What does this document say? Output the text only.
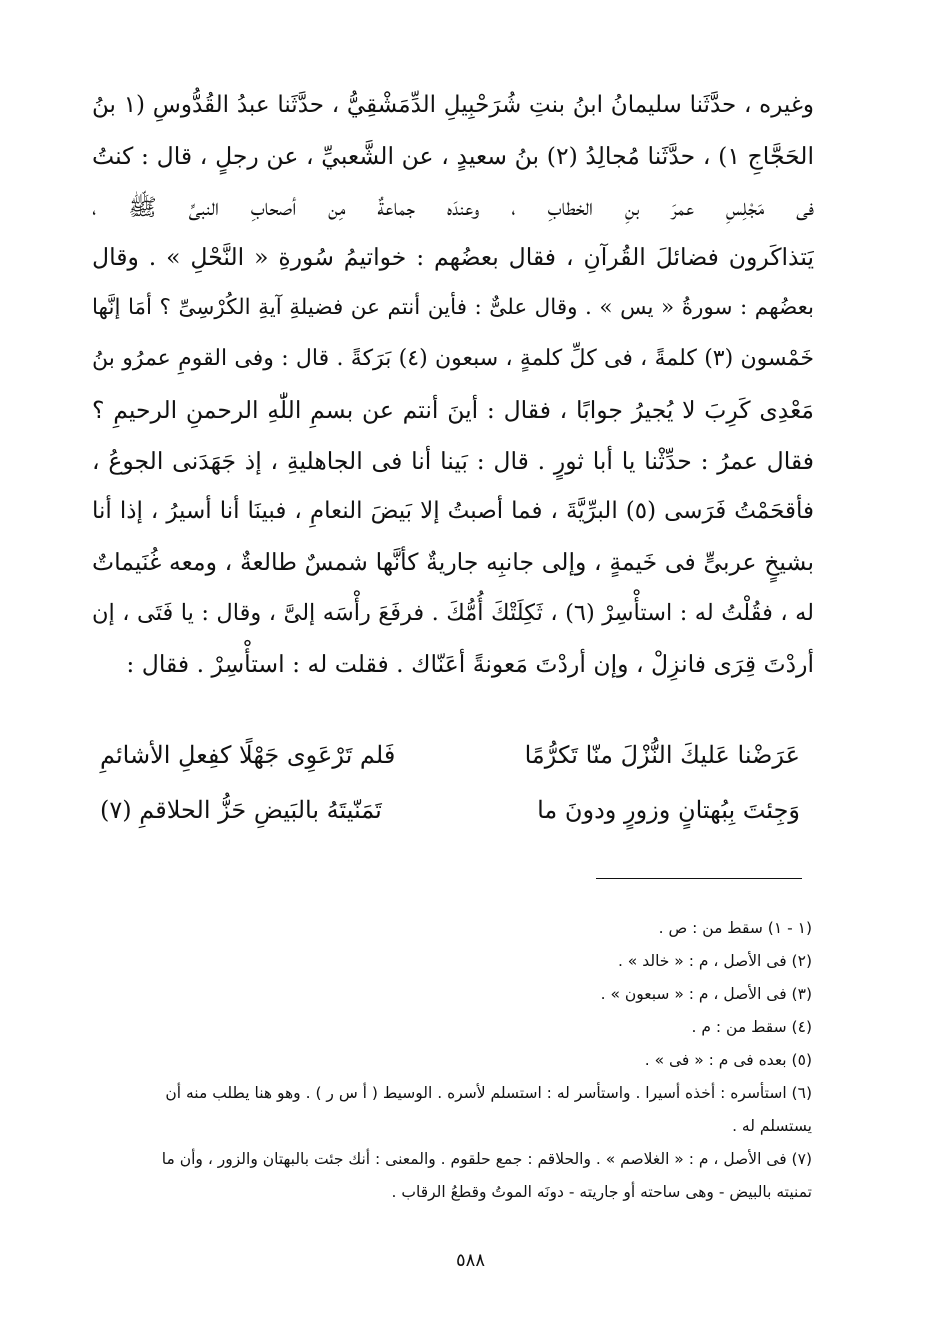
وغيره ، حدَّثَنا سليمانُ ابنُ بنتِ شُرَحْبِيلِ الدِّمَشْقِيُّ ، حدَّثَنا عبدُ القُدُّوسِ (١ بنُ
الحَجَّاجِ ١) ، حدَّثَنا مُجالِدُ (٢) بنُ سعيدٍ ، عن الشَّعبيِّ ، عن رجلٍ ، قال : كنتُ
فى مَجْلِسِ عمرَ بنِ الخطابِ ، وعندَه جماعةٌ مِن أصحابِ النبىِّ ﷺ ،
يَتذاكَرون فضائلَ القُرآنِ ، فقال بعضُهم : خواتيمُ سُورةِ « النَّحْلِ » . وقال
بعضُهم : سورةُ « يس » . وقال علىٌّ : فأين أنتم عن فضيلةِ آيةِ الكُرْسِىِّ ؟ أمَا إنَّها
خَمْسون (٣) كلمةً ، فى كلِّ كلمةٍ ، سبعون (٤) بَرَكةً . قال : وفى القومِ عمرُو بنُ
مَعْدِى كَرِبَ لا يُجيرُ جوابًا ، فقال : أينَ أنتم عن بسمِ اللّٰهِ الرحمنِ الرحيمِ ؟
فقال عمرُ : حدِّثْنا يا أبا ثورٍ . قال : بَينا أنا فى الجاهليةِ ، إذ جَهَدَنى الجوعُ ،
فأقحَمْتُ فَرَسى (٥) البرِّيَّةَ ، فما أصبتُ إلا بَيضَ النعامِ ، فبينَا أنا أسيرُ ، إذا أنا
بشيخٍ عربىٍّ فى خَيمةٍ ، وإلى جانبِه جاريةٌ كأنَّها شمسٌ طالعةٌ ، ومعه غُنَيماتٌ
له ، فقُلْتُ له : استأْسِرْ (٦) ، ثَكِلَتْكَ أُمُّكَ . فرفَعَ رأْسَه إلىَّ ، وقال : يا فَتَى ، إن
أردْتَ قِرَى فانزِلْ ، وإن أردْتَ مَعونةً أعَنّاك . فقلت له : استأْسِرْ . فقال :
عَرَضْنا عَليكَ النُّزْلَ منّا تَكرُّمًا
فَلم تَرْعَوِى جَهْلًا كفِعلِ الأشائمِ
وَجِئتَ بِبُهتانٍ وزورٍ ودونَ ما
تَمَنّيتَهُ بالبَيضِ حَزُّ الحلاقمِ (٧)
(١ - ١) سقط من : ص .
(٢) فى الأصل ، م : « خالد » .
(٣) فى الأصل ، م : « سبعون » .
(٤) سقط من : م .
(٥) بعده فى م : « فى » .
(٦) استأسره : أخذه أسيرا . واستأسر له : استسلم لأسره . الوسيط ( أ س ر ) . وهو هنا يطلب منه أن
يستسلم له .
(٧) فى الأصل ، م : « الغلاصم » . والحلاقم : جمع حلقوم . والمعنى : أنك جئت بالبهتان والزور ، وأن ما
تمنيته بالبيض - وهى ساحته أو جاريته - دونَه الموتُ وقطعُ الرقاب .
٥٨٨
